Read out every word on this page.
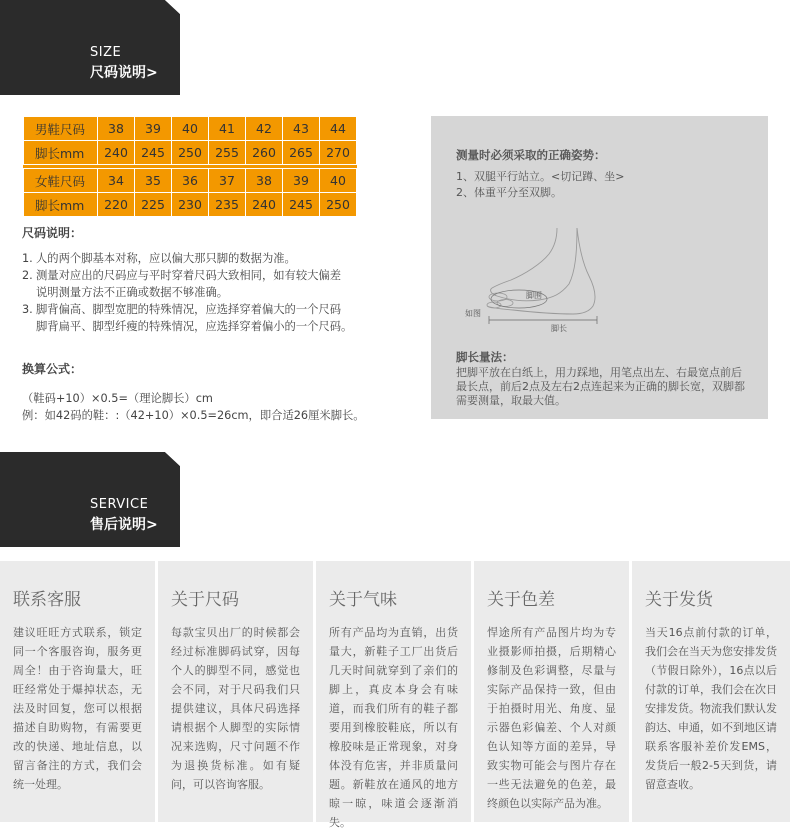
SIZE
尺码说明>
男鞋尺码	38	39	40	41	42	43	44
脚长mm	240	245	250	255	260	265	270

女鞋尺码	34	35	36	37	38	39	40
脚长mm	220	225	230	235	240	245	250
尺码说明：
1. 人的两个脚基本对称，应以偏大那只脚的数据为准。
2. 测量对应出的尺码应与平时穿着尺码大致相同，如有较大偏差
说明测量方法不正确或数据不够准确。
3. 脚背偏高、脚型宽肥的特殊情况，应选择穿着偏大的一个尺码
脚背扁平、脚型纤瘦的特殊情况，应选择穿着偏小的一个尺码。
换算公式：
（鞋码+10）×0.5=（理论脚长）cm
例：如42码的鞋：:（42+10）×0.5=26cm，即合适26厘米脚长。
测量时必须采取的正确姿势：
1、双腿平行站立。<切记蹲、坐>
2、体重平分至双脚。
脚围
如图
脚长
脚长量法：
把脚平放在白纸上，用力踩地，用笔点出左、右最宽点前后最长点，前后2点及左右2点连起来为正确的脚长宽，双脚都需要测量，取最大值。
SERVICE
售后说明>
联系客服

建议旺旺方式联系，锁定同一个客服咨询，服务更周全！由于咨询量大，旺旺经常处于爆掉状态，无法及时回复，您可以根据描述自助购物，有需要更改的快递、地址信息，以留言备注的方式，我们会统一处理。

关于尺码

每款宝贝出厂的时候都会经过标准脚码试穿，因每个人的脚型不同，感觉也会不同，对于尺码我们只提供建议，具体尺码选择请根据个人脚型的实际情况来选购，尺寸问题不作为退换货标准。如有疑问，可以咨询客服。

关于气味

所有产品均为直销，出货量大，新鞋子工厂出货后几天时间就穿到了亲们的脚上，真皮本身会有味道，而我们所有的鞋子都要用到橡胶鞋底，所以有橡胶味是正常现象，对身体没有危害，并非质量问题。新鞋放在通风的地方晾一晾，味道会逐渐消失。

关于色差

悍途所有产品图片均为专业摄影师拍摄，后期精心修制及色彩调整，尽量与实际产品保持一致，但由于拍摄时用光、角度、显示器色彩偏差、个人对颜色认知等方面的差异，导致实物可能会与图片存在一些无法避免的色差，最终颜色以实际产品为准。

关于发货

当天16点前付款的订单，我们会在当天为您安排发货（节假日除外），16点以后付款的订单，我们会在次日安排发货。物流我们默认发韵达、申通，如不到地区请联系客服补差价发EMS，发货后一般2-5天到货，请留意查收。
